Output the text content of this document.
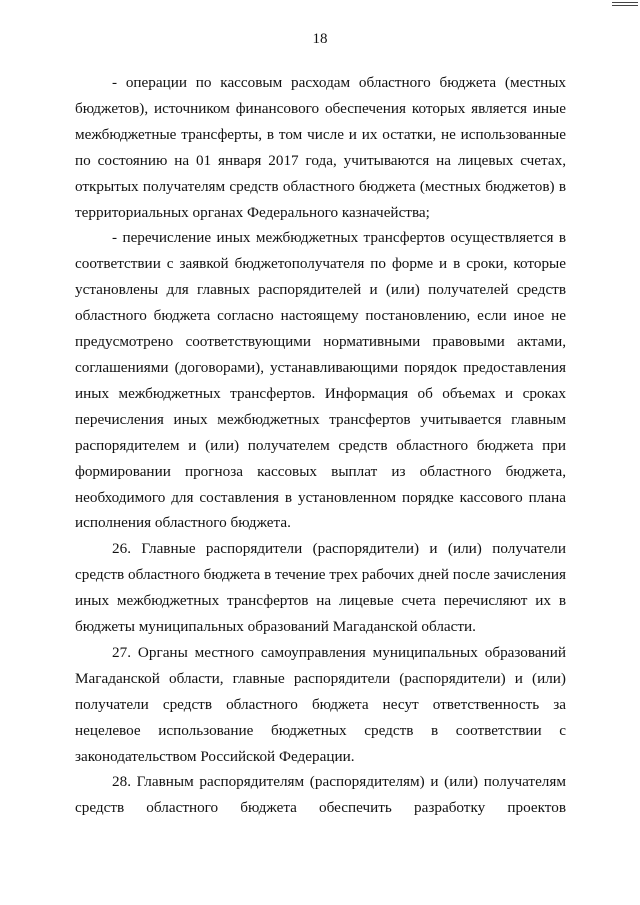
18

- операции по кассовым расходам областного бюджета (местных бюджетов), источником финансового обеспечения которых является иные межбюджетные трансферты, в том числе и их остатки, не использованные по состоянию на 01 января 2017 года, учитываются на лицевых счетах, открытых получателям средств областного бюджета (местных бюджетов) в территориальных органах Федерального казначейства;

- перечисление иных межбюджетных трансфертов осуществляется в соответствии с заявкой бюджетополучателя по форме и в сроки, которые установлены для главных распорядителей и (или) получателей средств областного бюджета согласно настоящему постановлению, если иное не предусмотрено соответствующими нормативными правовыми актами, соглашениями (договорами), устанавливающими порядок предоставления иных межбюджетных трансфертов. Информация об объемах и сроках перечисления иных межбюджетных трансфертов учитывается главным распорядителем и (или) получателем средств областного бюджета при формировании прогноза кассовых выплат из областного бюджета, необходимого для составления в установленном порядке кассового плана исполнения областного бюджета.

26. Главные распорядители (распорядители) и (или) получатели средств областного бюджета в течение трех рабочих дней после зачисления иных межбюджетных трансфертов на лицевые счета перечисляют их в бюджеты муниципальных образований Магаданской области.

27. Органы местного самоуправления муниципальных образований Магаданской области, главные распорядители (распорядители) и (или) получатели средств областного бюджета несут ответственность за нецелевое использование бюджетных средств в соответствии с законодательством Российской Федерации.

28. Главным распорядителям (распорядителям) и (или) получателям средств областного бюджета обеспечить разработку проектов
